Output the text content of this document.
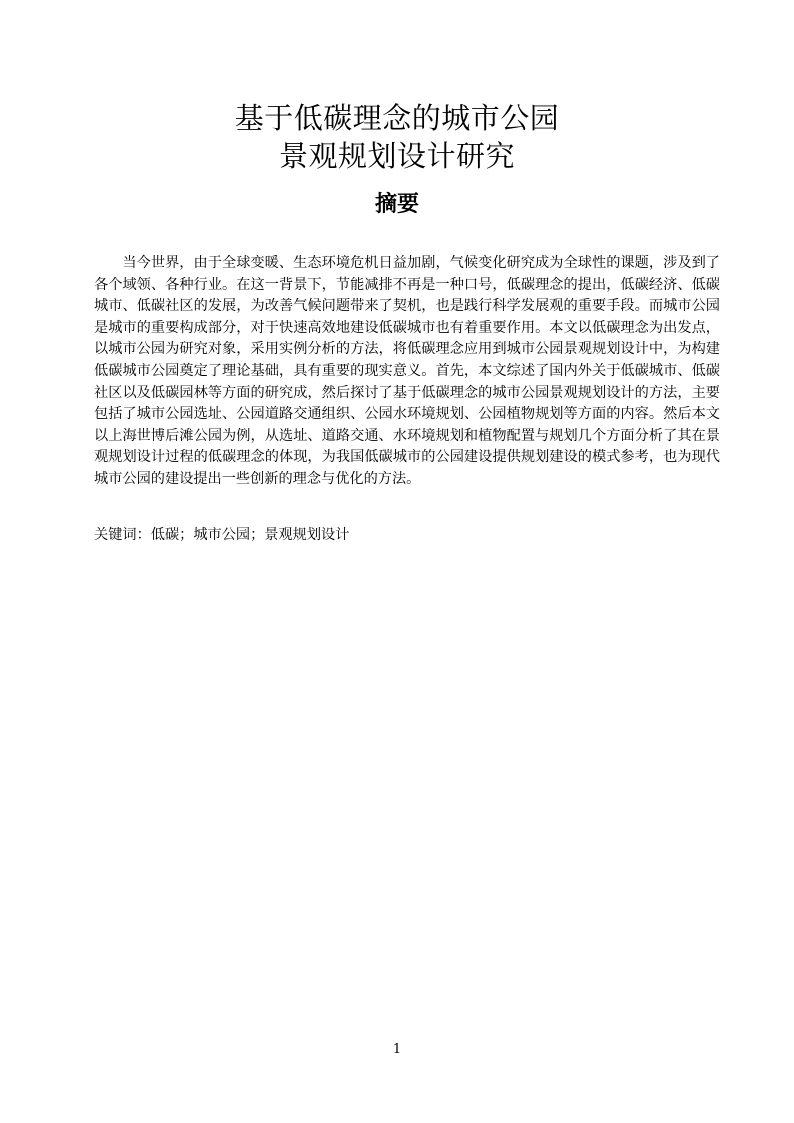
基于低碳理念的城市公园
景观规划设计研究
摘要

当今世界，由于全球变暖、生态环境危机日益加剧，气候变化研究成为全球性的课题，涉及到了各个域领、各种行业。在这一背景下，节能减排不再是一种口号，低碳理念的提出，低碳经济、低碳城市、低碳社区的发展，为改善气候问题带来了契机，也是践行科学发展观的重要手段。而城市公园是城市的重要构成部分，对于快速高效地建设低碳城市也有着重要作用。本文以低碳理念为出发点，以城市公园为研究对象，采用实例分析的方法，将低碳理念应用到城市公园景观规划设计中，为构建低碳城市公园奠定了理论基础，具有重要的现实意义。首先，本文综述了国内外关于低碳城市、低碳社区以及低碳园林等方面的研究成，然后探讨了基于低碳理念的城市公园景观规划设计的方法，主要包括了城市公园选址、公园道路交通组织、公园水环境规划、公园植物规划等方面的内容。然后本文以上海世博后滩公园为例，从选址、道路交通、水环境规划和植物配置与规划几个方面分析了其在景观规划设计过程的低碳理念的体现，为我国低碳城市的公园建设提供规划建设的模式参考，也为现代城市公园的建设提出一些创新的理念与优化的方法。

关键词：低碳；城市公园；景观规划设计

1
